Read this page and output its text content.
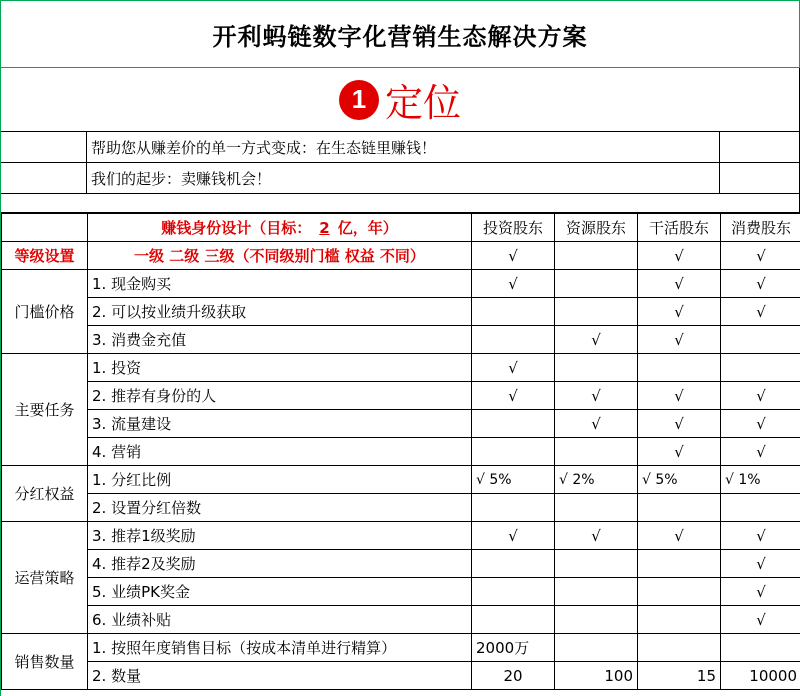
开利蚂链数字化营销生态解决方案
1 定位
帮助您从赚差价的单一方式变成：在生态链里赚钱！
我们的起步：卖赚钱机会！
	赚钱身份设计（目标： 2 亿，年）	投资股东	资源股东	干活股东	消费股东
等级设置	一级 二级 三级（不同级别门槛 权益 不同）	√		√	√
门槛价格	1. 现金购买	√		√	√
	2. 可以按业绩升级获取			√	√
	3. 消费金充值		√	√	
主要任务	1. 投资	√			
	2. 推荐有身份的人	√	√	√	√
	3. 流量建设		√	√	√
	4. 营销			√	√
分红权益	1. 分红比例	√ 5%	√ 2%	√ 5%	√ 1%
	2. 设置分红倍数				
运营策略	3. 推荐1级奖励	√	√	√	√
	4. 推荐2及奖励				√
	5. 业绩PK奖金				√
	6. 业绩补贴				√
销售数量	1. 按照年度销售目标（按成本清单进行精算）	2000万			
	2. 数量	20	100	15	10000
